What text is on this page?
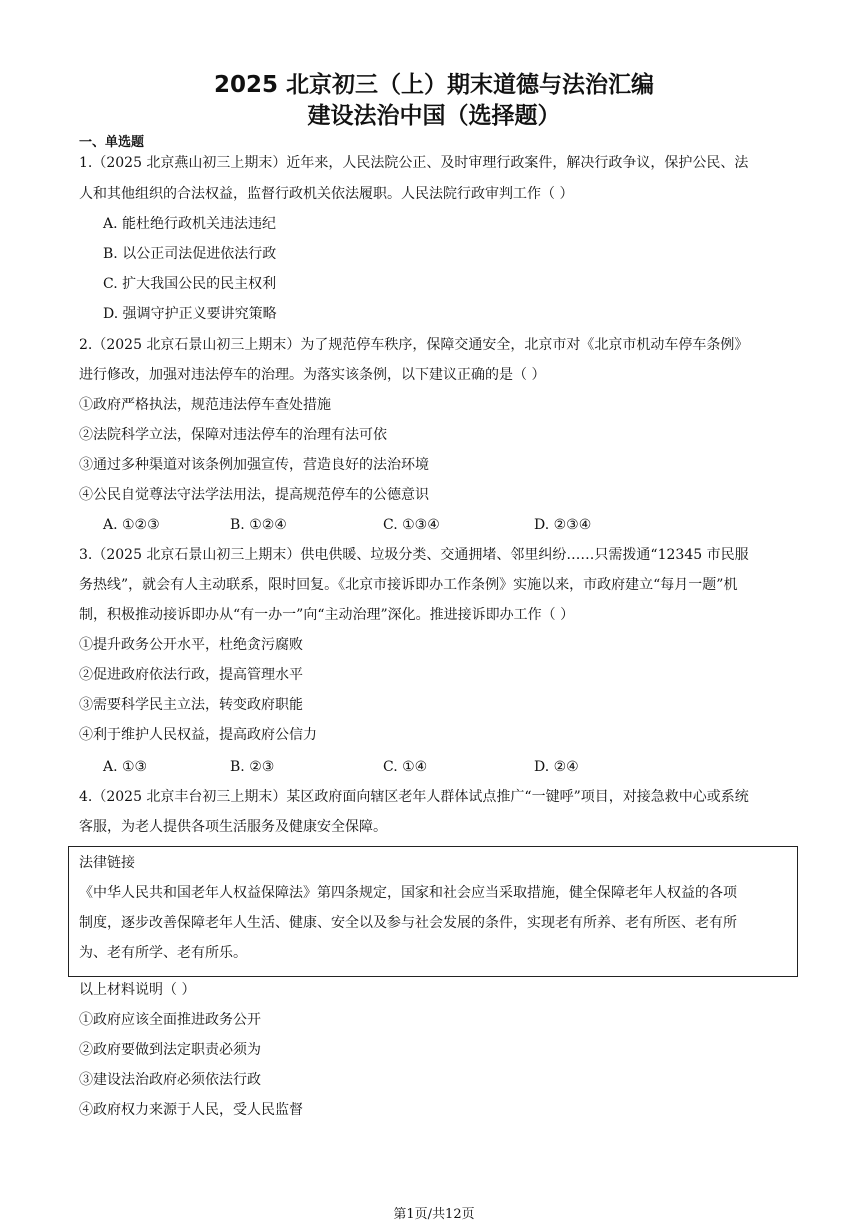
2025 北京初三（上）期末道德与法治汇编
建设法治中国（选择题）
一、单选题
1.（2025 北京燕山初三上期末）近年来，人民法院公正、及时审理行政案件，解决行政争议，保护公民、法
人和其他组织的合法权益，监督行政机关依法履职。人民法院行政审判工作（ ）
A. 能杜绝行政机关违法违纪
B. 以公正司法促进依法行政
C. 扩大我国公民的民主权利
D. 强调守护正义要讲究策略
2.（2025 北京石景山初三上期末）为了规范停车秩序，保障交通安全，北京市对《北京市机动车停车条例》
进行修改，加强对违法停车的治理。为落实该条例，以下建议正确的是（ ）
①政府严格执法，规范违法停车查处措施
②法院科学立法，保障对违法停车的治理有法可依
③通过多种渠道对该条例加强宣传，营造良好的法治环境
④公民自觉尊法守法学法用法，提高规范停车的公德意识
A. ①②③	B. ①②④	C. ①③④	D. ②③④
3.（2025 北京石景山初三上期末）供电供暖、垃圾分类、交通拥堵、邻里纠纷……只需拨通“12345 市民服
务热线”，就会有人主动联系，限时回复。《北京市接诉即办工作条例》实施以来，市政府建立“每月一题”机
制，积极推动接诉即办从“有一办一”向“主动治理”深化。推进接诉即办工作（ ）
①提升政务公开水平，杜绝贪污腐败
②促进政府依法行政，提高管理水平
③需要科学民主立法，转变政府职能
④利于维护人民权益，提高政府公信力
A. ①③	B. ②③	C. ①④	D. ②④
4.（2025 北京丰台初三上期末）某区政府面向辖区老年人群体试点推广“一键呼”项目，对接急救中心或系统
客服，为老人提供各项生活服务及健康安全保障。
法律链接
《中华人民共和国老年人权益保障法》第四条规定，国家和社会应当采取措施，健全保障老年人权益的各项
制度，逐步改善保障老年人生活、健康、安全以及参与社会发展的条件，实现老有所养、老有所医、老有所
为、老有所学、老有所乐。
以上材料说明（ ）
①政府应该全面推进政务公开
②政府要做到法定职责必须为
③建设法治政府必须依法行政
④政府权力来源于人民，受人民监督
第1页/共12页
